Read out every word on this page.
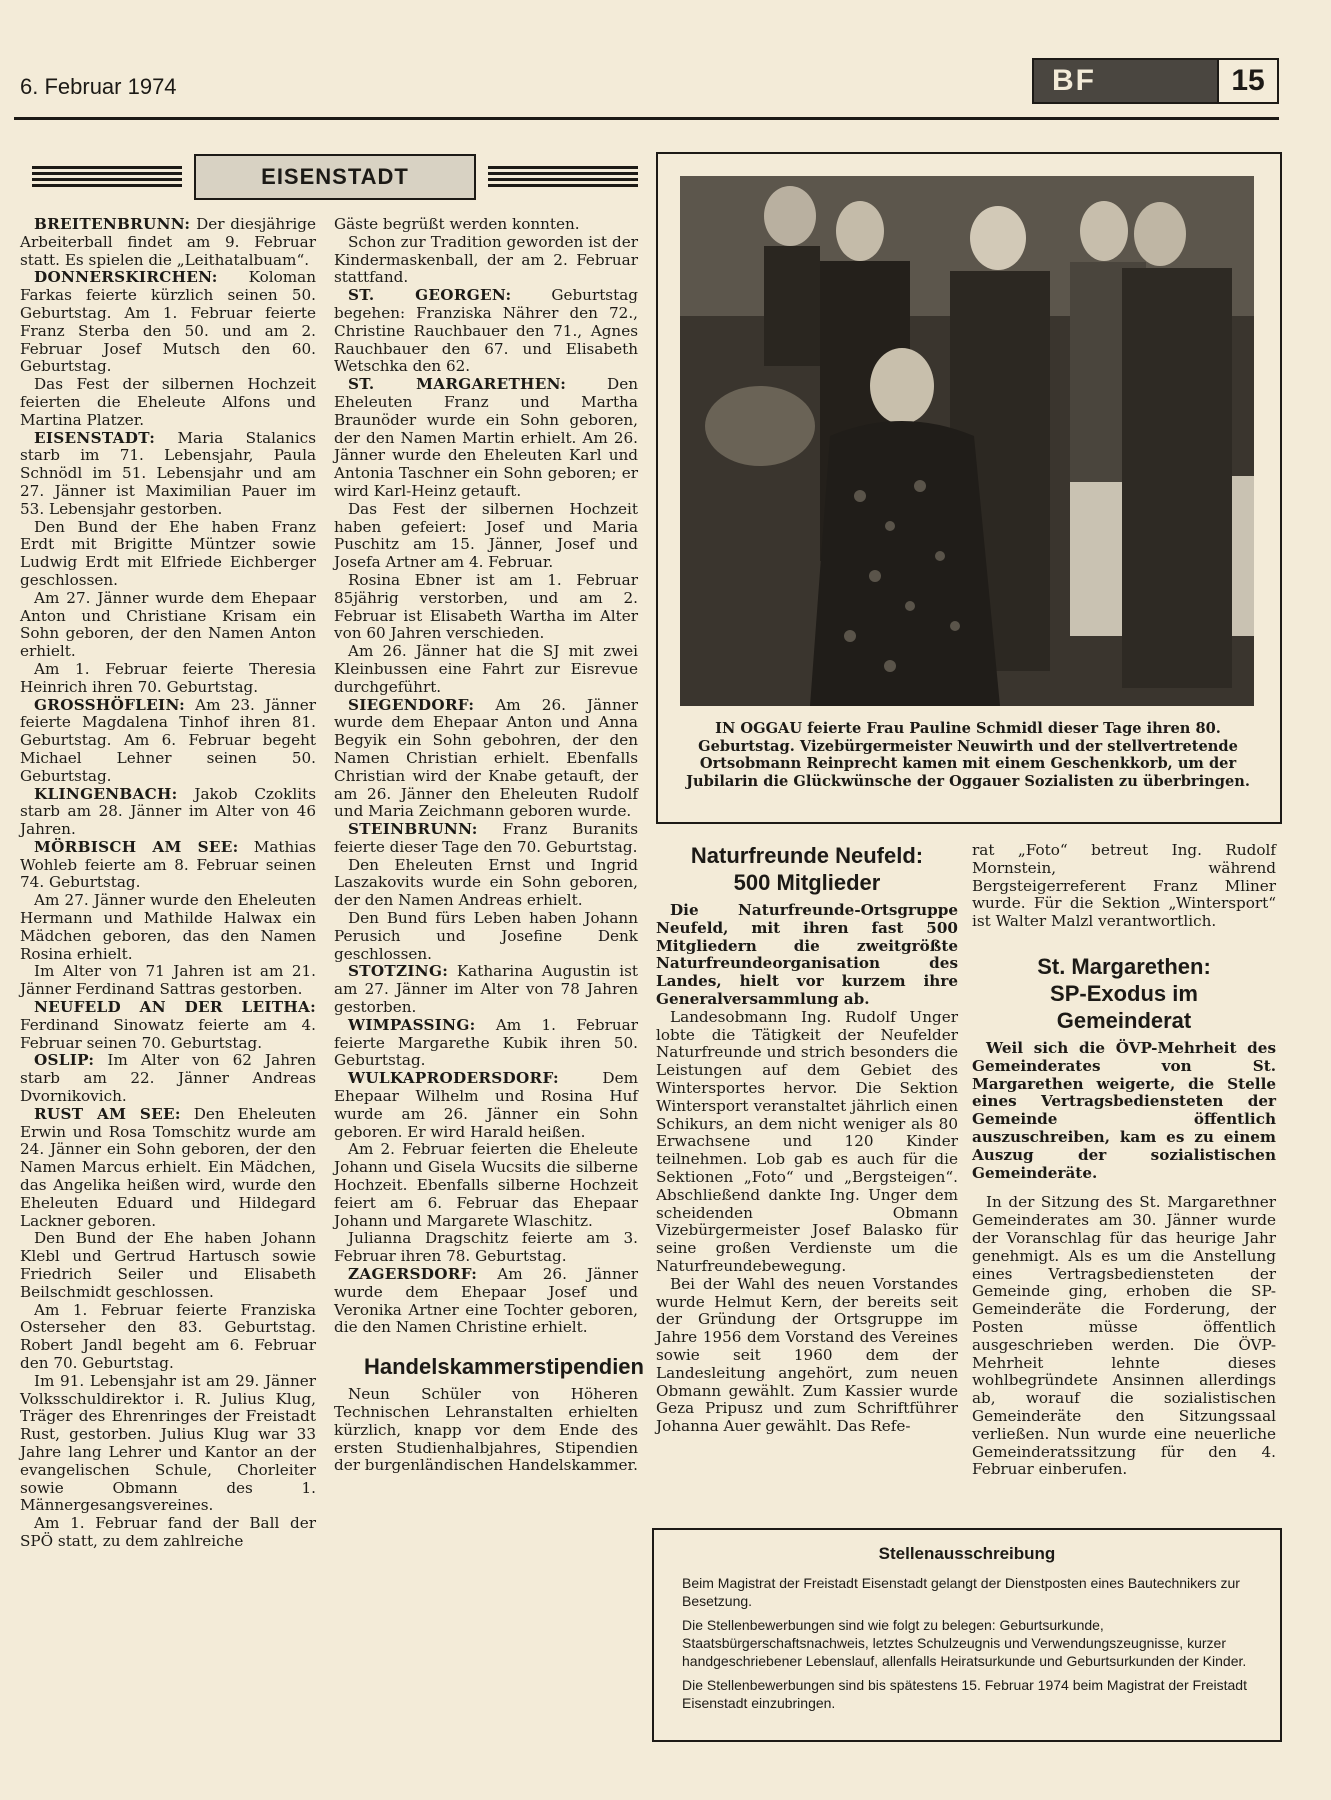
6. Februar 1974	BF	15
EISENSTADT

BREITENBRUNN: Der diesjährige Arbeiterball findet am 9. Februar statt. Es spielen die „Leithatalbuam“.

DONNERSKIRCHEN: Koloman Farkas feierte kürzlich seinen 50. Geburtstag. Am 1. Februar feierte Franz Sterba den 50. und am 2. Februar Josef Mutsch den 60. Geburtstag.

Das Fest der silbernen Hochzeit feierten die Eheleute Alfons und Martina Platzer.

EISENSTADT: Maria Stalanics starb im 71. Lebensjahr, Paula Schnödl im 51. Lebensjahr und am 27. Jänner ist Maximilian Pauer im 53. Lebensjahr gestorben.

Den Bund der Ehe haben Franz Erdt mit Brigitte Müntzer sowie Ludwig Erdt mit Elfriede Eichberger geschlossen.

Am 27. Jänner wurde dem Ehepaar Anton und Christiane Krisam ein Sohn geboren, der den Namen Anton erhielt.

Am 1. Februar feierte Theresia Heinrich ihren 70. Geburtstag.

GROSSHÖFLEIN: Am 23. Jänner feierte Magdalena Tinhof ihren 81. Geburtstag. Am 6. Februar begeht Michael Lehner seinen 50. Geburtstag.

KLINGENBACH: Jakob Czoklits starb am 28. Jänner im Alter von 46 Jahren.

MÖRBISCH AM SEE: Mathias Wohleb feierte am 8. Februar seinen 74. Geburtstag.

Am 27. Jänner wurde den Eheleuten Hermann und Mathilde Halwax ein Mädchen geboren, das den Namen Rosina erhielt.

Im Alter von 71 Jahren ist am 21. Jänner Ferdinand Sattras gestorben.

NEUFELD AN DER LEITHA: Ferdinand Sinowatz feierte am 4. Februar seinen 70. Geburtstag.

OSLIP: Im Alter von 62 Jahren starb am 22. Jänner Andreas Dvornikovich.

RUST AM SEE: Den Eheleuten Erwin und Rosa Tomschitz wurde am 24. Jänner ein Sohn geboren, der den Namen Marcus erhielt. Ein Mädchen, das Angelika heißen wird, wurde den Eheleuten Eduard und Hildegard Lackner geboren.

Den Bund der Ehe haben Johann Klebl und Gertrud Hartusch sowie Friedrich Seiler und Elisabeth Beilschmidt geschlossen.

Am 1. Februar feierte Franziska Osterseher den 83. Geburtstag. Robert Jandl begeht am 6. Februar den 70. Geburtstag.

Im 91. Lebensjahr ist am 29. Jänner Volksschuldirektor i. R. Julius Klug, Träger des Ehrenringes der Freistadt Rust, gestorben. Julius Klug war 33 Jahre lang Lehrer und Kantor an der evangelischen Schule, Chorleiter sowie Obmann des 1. Männergesangsvereines.

Am 1. Februar fand der Ball der SPÖ statt, zu dem zahlreiche

Gäste begrüßt werden konnten.

Schon zur Tradition geworden ist der Kindermaskenball, der am 2. Februar stattfand.

ST. GEORGEN: Geburtstag begehen: Franziska Nährer den 72., Christine Rauchbauer den 71., Agnes Rauchbauer den 67. und Elisabeth Wetschka den 62.

ST. MARGARETHEN: Den Eheleuten Franz und Martha Braunöder wurde ein Sohn geboren, der den Namen Martin erhielt. Am 26. Jänner wurde den Eheleuten Karl und Antonia Taschner ein Sohn geboren; er wird Karl-Heinz getauft.

Das Fest der silbernen Hochzeit haben gefeiert: Josef und Maria Puschitz am 15. Jänner, Josef und Josefa Artner am 4. Februar.

Rosina Ebner ist am 1. Februar 85jährig verstorben, und am 2. Februar ist Elisabeth Wartha im Alter von 60 Jahren verschieden.

Am 26. Jänner hat die SJ mit zwei Kleinbussen eine Fahrt zur Eisrevue durchgeführt.

SIEGENDORF: Am 26. Jänner wurde dem Ehepaar Anton und Anna Begyik ein Sohn gebohren, der den Namen Christian erhielt. Ebenfalls Christian wird der Knabe getauft, der am 26. Jänner den Eheleuten Rudolf und Maria Zeichmann geboren wurde.

STEINBRUNN: Franz Buranits feierte dieser Tage den 70. Geburtstag.

Den Eheleuten Ernst und Ingrid Laszakovits wurde ein Sohn geboren, der den Namen Andreas erhielt.

Den Bund fürs Leben haben Johann Perusich und Josefine Denk geschlossen.

STOTZING: Katharina Augustin ist am 27. Jänner im Alter von 78 Jahren gestorben.

WIMPASSING: Am 1. Februar feierte Margarethe Kubik ihren 50. Geburtstag.

WULKAPRODERSDORF: Dem Ehepaar Wilhelm und Rosina Huf wurde am 26. Jänner ein Sohn geboren. Er wird Harald heißen.

Am 2. Februar feierten die Eheleute Johann und Gisela Wucsits die silberne Hochzeit. Ebenfalls silberne Hochzeit feiert am 6. Februar das Ehepaar Johann und Margarete Wlaschitz.

Julianna Dragschitz feierte am 3. Februar ihren 78. Geburtstag.

ZAGERSDORF: Am 26. Jänner wurde dem Ehepaar Josef und Veronika Artner eine Tochter geboren, die den Namen Christine erhielt.

Handelskammerstipendien

Neun Schüler von Höheren Technischen Lehranstalten erhielten kürzlich, knapp vor dem Ende des ersten Studienhalbjahres, Stipendien der burgenländischen Handelskammer.

IN OGGAU feierte Frau Pauline Schmidl dieser Tage ihren 80. Geburtstag. Vizebürgermeister Neuwirth und der stellvertretende Ortsobmann Reinprecht kamen mit einem Geschenkkorb, um der Jubilarin die Glückwünsche der Oggauer Sozialisten zu überbringen.
Naturfreunde Neufeld:
500 Mitglieder

Die Naturfreunde-Ortsgruppe Neufeld, mit ihren fast 500 Mitgliedern die zweitgrößte Naturfreundeorganisation des Landes, hielt vor kurzem ihre Generalversammlung ab.

Landesobmann Ing. Rudolf Unger lobte die Tätigkeit der Neufelder Naturfreunde und strich besonders die Leistungen auf dem Gebiet des Wintersportes hervor. Die Sektion Wintersport veranstaltet jährlich einen Schikurs, an dem nicht weniger als 80 Erwachsene und 120 Kinder teilnehmen. Lob gab es auch für die Sektionen „Foto“ und „Bergsteigen“. Abschließend dankte Ing. Unger dem scheidenden Obmann Vizebürgermeister Josef Balasko für seine großen Verdienste um die Naturfreundebewegung.

Bei der Wahl des neuen Vorstandes wurde Helmut Kern, der bereits seit der Gründung der Ortsgruppe im Jahre 1956 dem Vorstand des Vereines sowie seit 1960 dem der Landesleitung angehört, zum neuen Obmann gewählt. Zum Kassier wurde Geza Pripusz und zum Schriftführer Johanna Auer gewählt. Das Refe-

rat „Foto“ betreut Ing. Rudolf Mornstein, während Bergsteigerreferent Franz Mliner wurde. Für die Sektion „Wintersport“ ist Walter Malzl verantwortlich.

St. Margarethen:
SP-Exodus im
Gemeinderat

Weil sich die ÖVP-Mehrheit des Gemeinderates von St. Margarethen weigerte, die Stelle eines Vertragsbediensteten der Gemeinde öffentlich auszuschreiben, kam es zu einem Auszug der sozialistischen Gemeinderäte.

In der Sitzung des St. Margarethner Gemeinderates am 30. Jänner wurde der Voranschlag für das heurige Jahr genehmigt. Als es um die Anstellung eines Vertragsbediensteten der Gemeinde ging, erhoben die SP-Gemeinderäte die Forderung, der Posten müsse öffentlich ausgeschrieben werden. Die ÖVP-Mehrheit lehnte dieses wohlbegründete Ansinnen allerdings ab, worauf die sozialistischen Gemeinderäte den Sitzungssaal verließen. Nun wurde eine neuerliche Gemeinderatssitzung für den 4. Februar einberufen.

Stellenausschreibung

Beim Magistrat der Freistadt Eisenstadt gelangt der Dienstposten eines Bautechnikers zur Besetzung.

Die Stellenbewerbungen sind wie folgt zu belegen: Geburtsurkunde, Staatsbürgerschaftsnachweis, letztes Schulzeugnis und Verwendungszeugnisse, kurzer handgeschriebener Lebenslauf, allenfalls Heiratsurkunde und Geburtsurkunden der Kinder.

Die Stellenbewerbungen sind bis spätestens 15. Februar 1974 beim Magistrat der Freistadt Eisenstadt einzubringen.
